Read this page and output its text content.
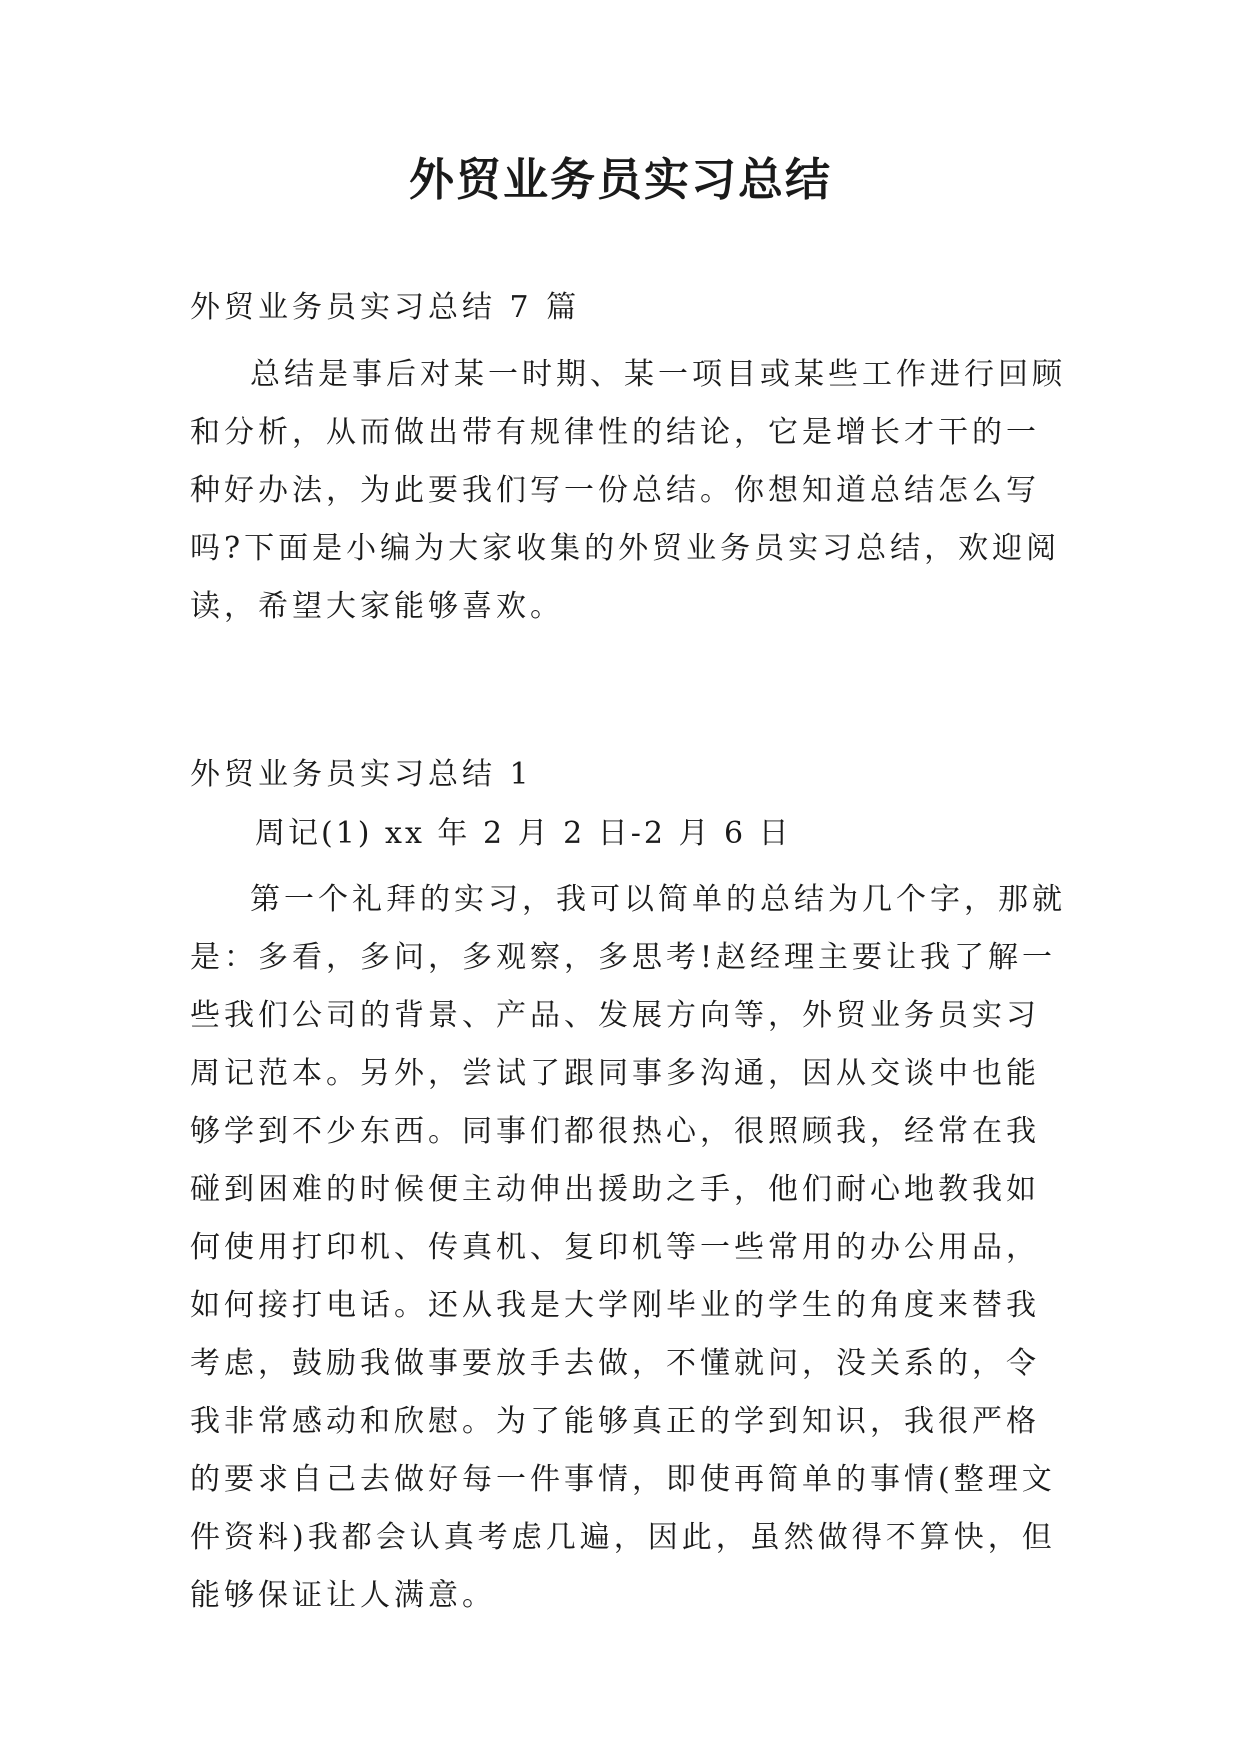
外贸业务员实习总结
外贸业务员实习总结 7 篇

总结是事后对某一时期、某一项目或某些工作进行回顾和分析，从而做出带有规律性的结论，它是增长才干的一种好办法，为此要我们写一份总结。你想知道总结怎么写吗?下面是小编为大家收集的外贸业务员实习总结，欢迎阅读，希望大家能够喜欢。

外贸业务员实习总结 1
周记(1) xx 年 2 月 2 日-2 月 6 日

第一个礼拜的实习，我可以简单的总结为几个字，那就是：多看，多问，多观察，多思考!赵经理主要让我了解一些我们公司的背景、产品、发展方向等，外贸业务员实习周记范本。另外，尝试了跟同事多沟通，因从交谈中也能够学到不少东西。同事们都很热心，很照顾我，经常在我碰到困难的时候便主动伸出援助之手，他们耐心地教我如何使用打印机、传真机、复印机等一些常用的办公用品，如何接打电话。还从我是大学刚毕业的学生的角度来替我考虑，鼓励我做事要放手去做，不懂就问，没关系的，令我非常感动和欣慰。为了能够真正的学到知识，我很严格的要求自己去做好每一件事情，即使再简单的事情(整理文件资料)我都会认真考虑几遍，因此，虽然做得不算快，但能够保证让人满意。
